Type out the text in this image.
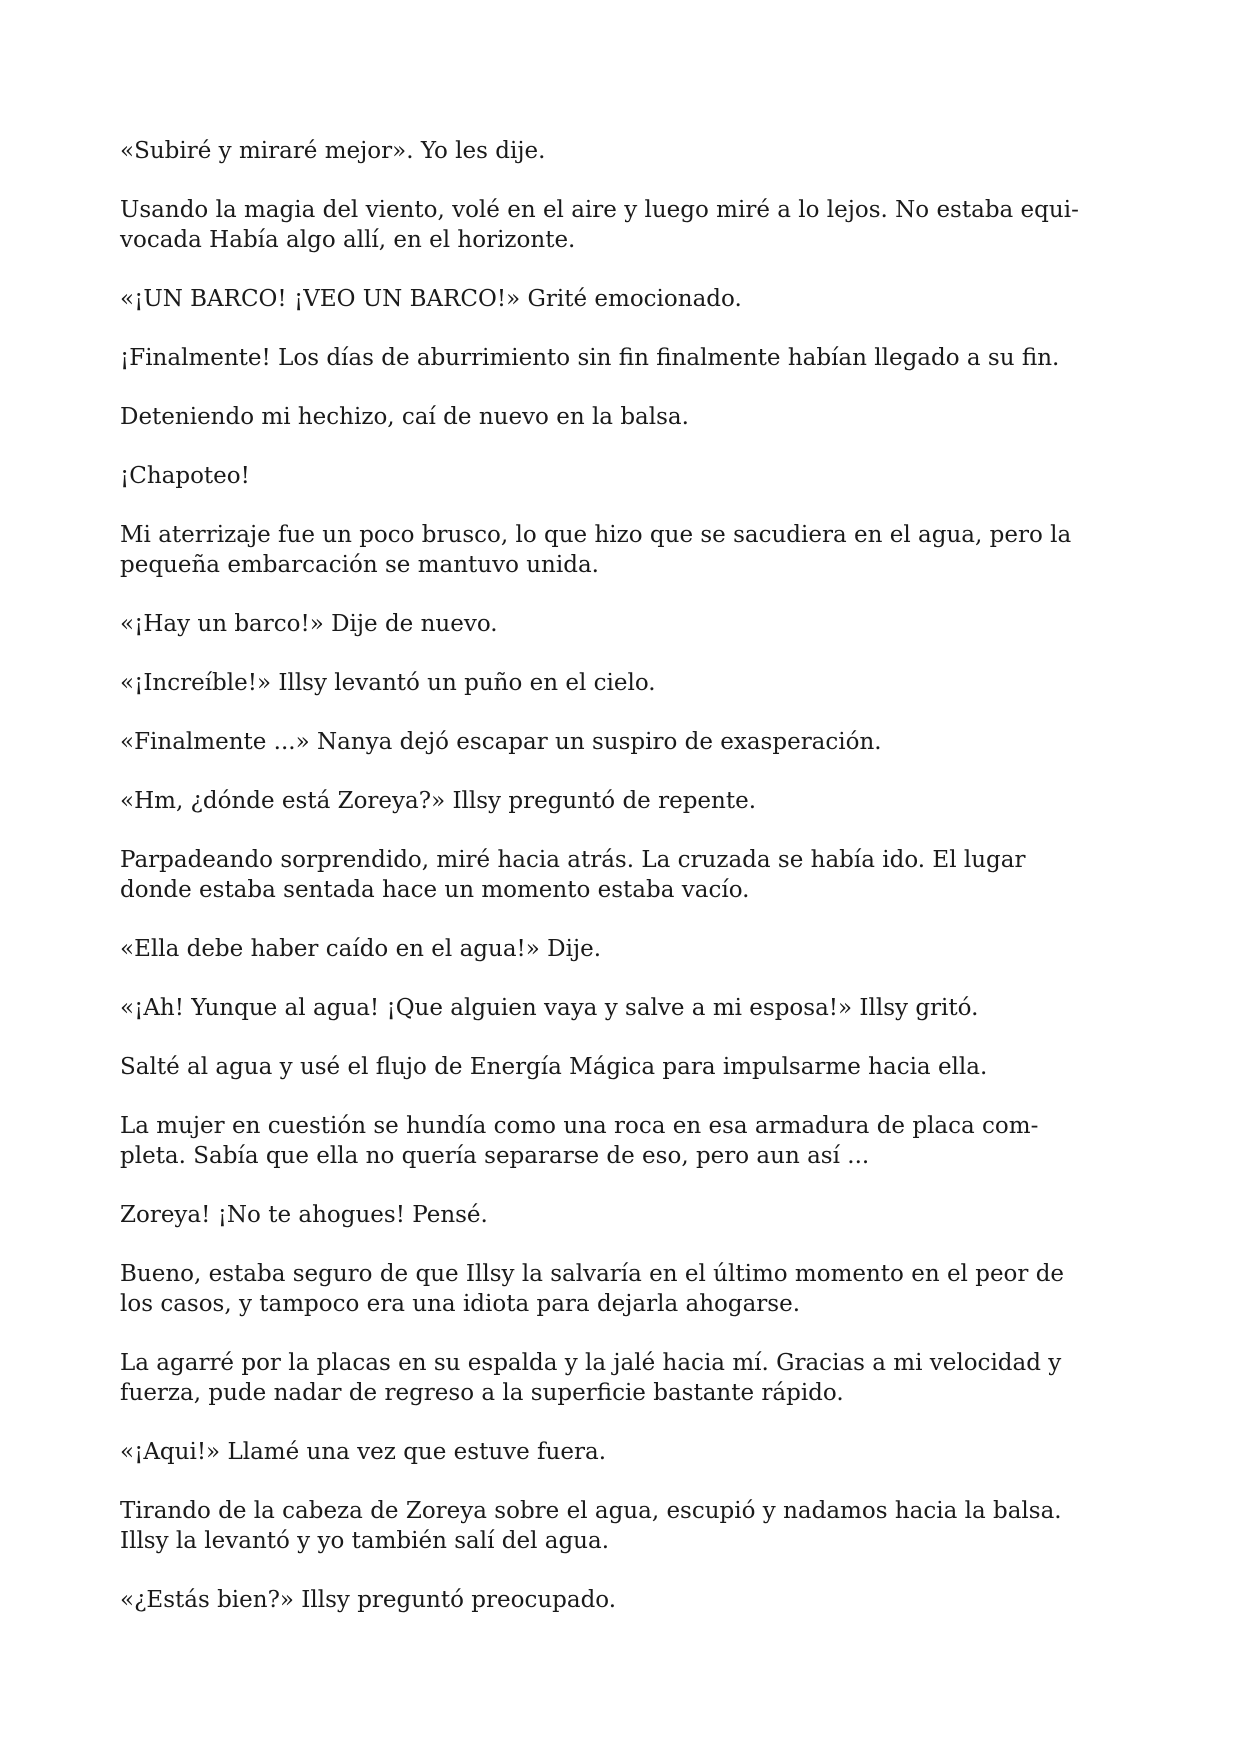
«Subiré y miraré mejor». Yo les dije.

Usando la magia del viento, volé en el aire y luego miré a lo lejos. No estaba equi-
vocada Había algo allí, en el horizonte.

«¡UN BARCO! ¡VEO UN BARCO!» Grité emocionado.

¡Finalmente! Los días de aburrimiento sin fin finalmente habían llegado a su fin.

Deteniendo mi hechizo, caí de nuevo en la balsa.

¡Chapoteo!

Mi aterrizaje fue un poco brusco, lo que hizo que se sacudiera en el agua, pero la
pequeña embarcación se mantuvo unida.

«¡Hay un barco!» Dije de nuevo.

«¡Increíble!» Illsy levantó un puño en el cielo.

«Finalmente ...» Nanya dejó escapar un suspiro de exasperación.

«Hm, ¿dónde está Zoreya?» Illsy preguntó de repente.

Parpadeando sorprendido, miré hacia atrás. La cruzada se había ido. El lugar
donde estaba sentada hace un momento estaba vacío.

«Ella debe haber caído en el agua!» Dije.

«¡Ah! Yunque al agua! ¡Que alguien vaya y salve a mi esposa!» Illsy gritó.

Salté al agua y usé el flujo de Energía Mágica para impulsarme hacia ella.

La mujer en cuestión se hundía como una roca en esa armadura de placa com-
pleta. Sabía que ella no quería separarse de eso, pero aun así ...

Zoreya! ¡No te ahogues! Pensé.

Bueno, estaba seguro de que Illsy la salvaría en el último momento en el peor de
los casos, y tampoco era una idiota para dejarla ahogarse.

La agarré por la placas en su espalda y la jalé hacia mí. Gracias a mi velocidad y
fuerza, pude nadar de regreso a la superficie bastante rápido.

«¡Aqui!» Llamé una vez que estuve fuera.

Tirando de la cabeza de Zoreya sobre el agua, escupió y nadamos hacia la balsa.
Illsy la levantó y yo también salí del agua.

«¿Estás bien?» Illsy preguntó preocupado.
